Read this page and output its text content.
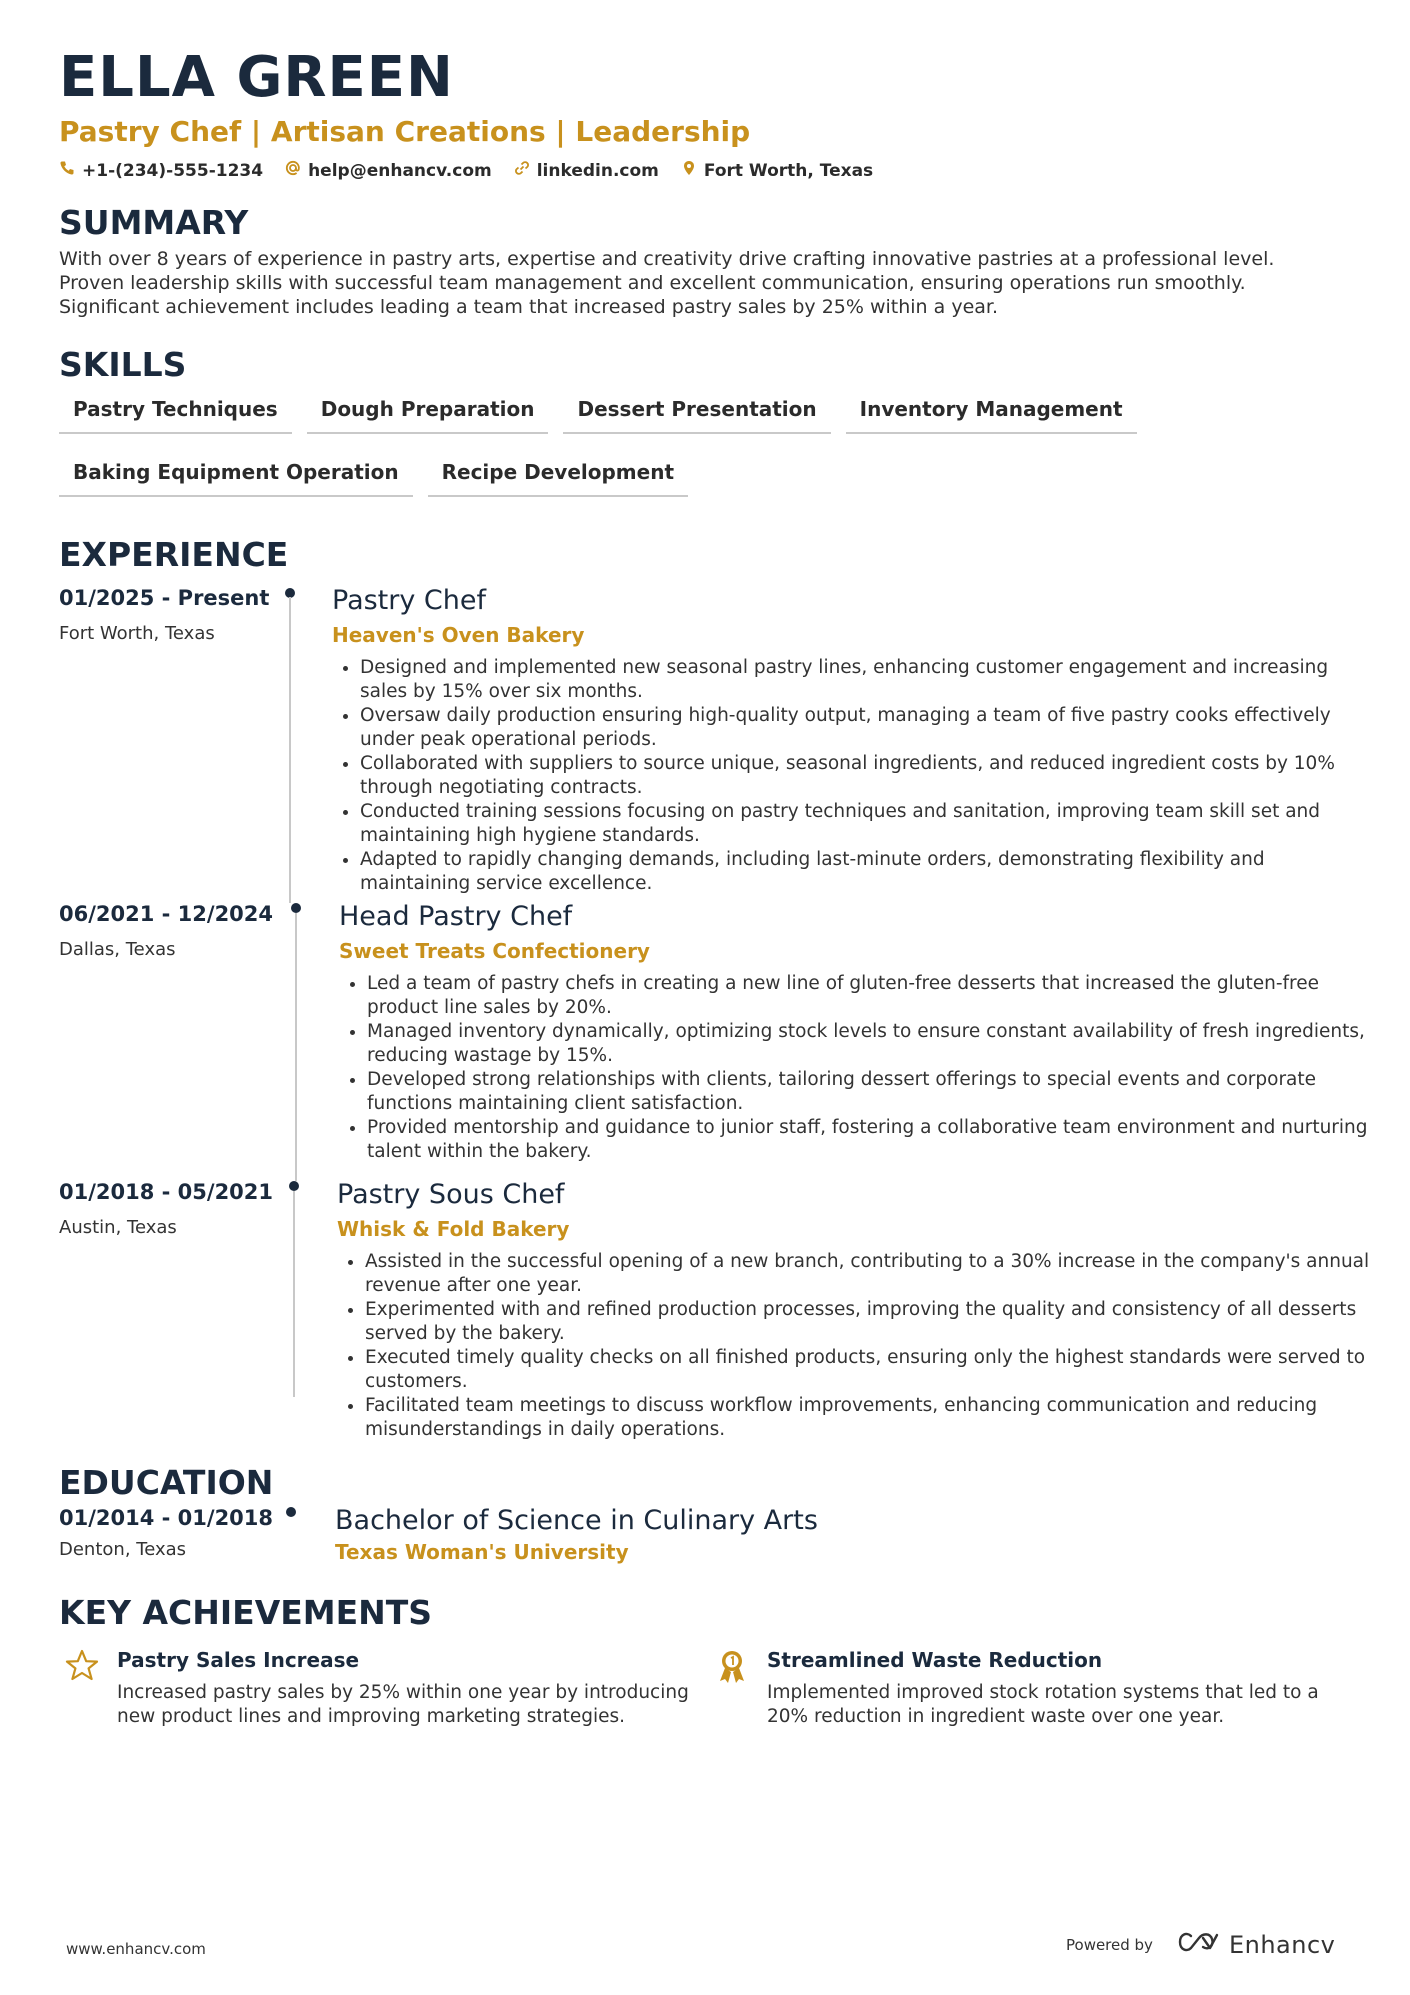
ELLA GREEN
Pastry Chef | Artisan Creations | Leadership
+1-(234)-555-1234	help@enhancv.com	linkedin.com	Fort Worth, Texas
SUMMARY
With over 8 years of experience in pastry arts, expertise and creativity drive crafting innovative pastries at a professional level. Proven leadership skills with successful team management and excellent communication, ensuring operations run smoothly. Significant achievement includes leading a team that increased pastry sales by 25% within a year.
SKILLS
Pastry Techniques	Dough Preparation	Dessert Presentation	Inventory Management
Baking Equipment Operation	Recipe Development
EXPERIENCE
01/2025 - Present
Fort Worth, Texas
Pastry Chef
Heaven's Oven Bakery
• Designed and implemented new seasonal pastry lines, enhancing customer engagement and increasing sales by 15% over six months.
• Oversaw daily production ensuring high-quality output, managing a team of five pastry cooks effectively under peak operational periods.
• Collaborated with suppliers to source unique, seasonal ingredients, and reduced ingredient costs by 10% through negotiating contracts.
• Conducted training sessions focusing on pastry techniques and sanitation, improving team skill set and maintaining high hygiene standards.
• Adapted to rapidly changing demands, including last-minute orders, demonstrating flexibility and maintaining service excellence.
06/2021 - 12/2024
Dallas, Texas
Head Pastry Chef
Sweet Treats Confectionery
• Led a team of pastry chefs in creating a new line of gluten-free desserts that increased the gluten-free product line sales by 20%.
• Managed inventory dynamically, optimizing stock levels to ensure constant availability of fresh ingredients, reducing wastage by 15%.
• Developed strong relationships with clients, tailoring dessert offerings to special events and corporate functions maintaining client satisfaction.
• Provided mentorship and guidance to junior staff, fostering a collaborative team environment and nurturing talent within the bakery.
01/2018 - 05/2021
Austin, Texas
Pastry Sous Chef
Whisk & Fold Bakery
• Assisted in the successful opening of a new branch, contributing to a 30% increase in the company's annual revenue after one year.
• Experimented with and refined production processes, improving the quality and consistency of all desserts served by the bakery.
• Executed timely quality checks on all finished products, ensuring only the highest standards were served to customers.
• Facilitated team meetings to discuss workflow improvements, enhancing communication and reducing misunderstandings in daily operations.
EDUCATION
01/2014 - 01/2018
Denton, Texas
Bachelor of Science in Culinary Arts
Texas Woman's University
KEY ACHIEVEMENTS
Pastry Sales Increase
Increased pastry sales by 25% within one year by introducing new product lines and improving marketing strategies.
Streamlined Waste Reduction
Implemented improved stock rotation systems that led to a 20% reduction in ingredient waste over one year.
www.enhancv.com	Powered by	Enhancv
